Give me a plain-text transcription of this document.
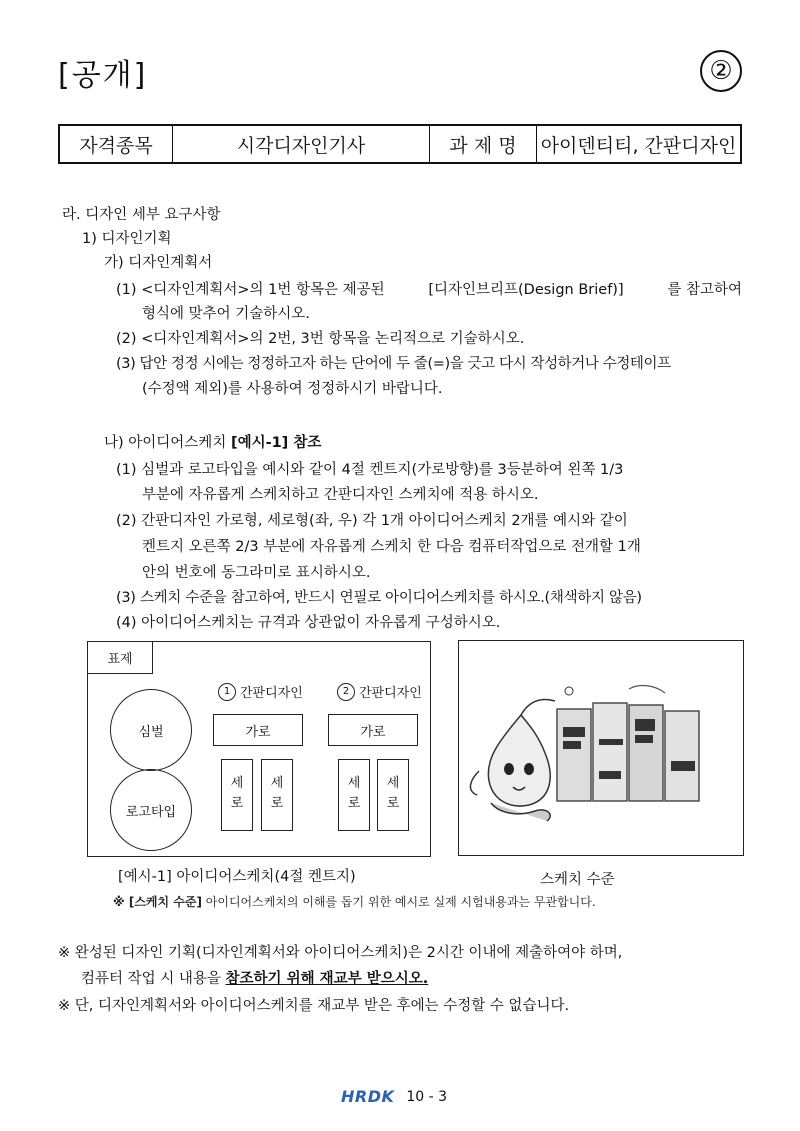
[공개]	②
자격종목	시각디자인기사	과 제 명	아이덴티티, 간판디자인
라. 디자인 세부 요구사항
1) 디자인기획
가) 디자인계획서
(1) <디자인계획서>의 1번 항목은 제공된	[디자인브리프(Design Brief)]	를 참고하여
형식에 맞추어 기술하시오.
(2) <디자인계획서>의 2번, 3번 항목을 논리적으로 기술하시오.
(3) 답안 정정 시에는 정정하고자 하는 단어에 두 줄(=)을 긋고 다시 작성하거나 수정테이프
(수정액 제외)를 사용하여 정정하시기 바랍니다.
나) 아이디어스케치 [예시-1] 참조
(1) 심벌과 로고타입을 예시와 같이 4절 켄트지(가로방향)를 3등분하여 왼쪽 1/3
부분에 자유롭게 스케치하고 간판디자인 스케치에 적용 하시오.
(2) 간판디자인 가로형, 세로형(좌, 우) 각 1개 아이디어스케치 2개를 예시와 같이
켄트지 오른쪽 2/3 부분에 자유롭게 스케치 한 다음 컴퓨터작업으로 전개할 1개
안의 번호에 동그라미로 표시하시오.
(3) 스케치 수준을 참고하여, 반드시 연필로 아이디어스케치를 하시오.(채색하지 않음)
(4) 아이디어스케치는 규격과 상관없이 자유롭게 구성하시오.
표제
심벌
로고타입
1 간판디자인
가로
세
로
세
로
2 간판디자인
가로
세
로
세
로
[예시-1] 아이디어스케치(4절 켄트지)	스케치 수준
※ [스케치 수준] 아이디어스케치의 이해를 돕기 위한 예시로 실제 시험내용과는 무관합니다.
※ 완성된 디자인 기획(디자인계획서와 아이디어스케치)은 2시간 이내에 제출하여야 하며,
컴퓨터 작업 시 내용을 참조하기 위해 재교부 받으시오.
※ 단, 디자인계획서와 아이디어스케치를 재교부 받은 후에는 수정할 수 없습니다.
HRDK 10 - 3
